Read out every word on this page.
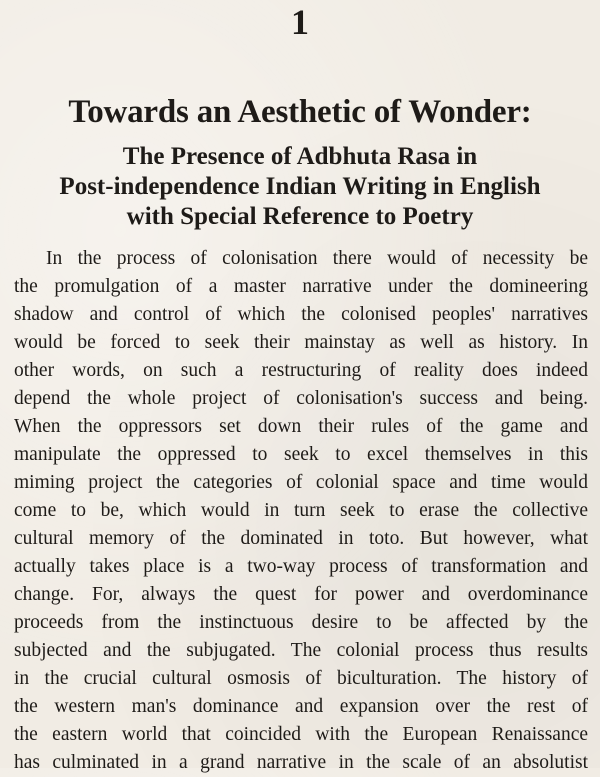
1
Towards an Aesthetic of Wonder:
The Presence of Adbhuta Rasa in
Post-independence Indian Writing in English
with Special Reference to Poetry
In the process of colonisation there would of necessity be
the promulgation of a master narrative under the domineering
shadow and control of which the colonised peoples' narratives
would be forced to seek their mainstay as well as history. In
other words, on such a restructuring of reality does indeed
depend the whole project of colonisation's success and being.
When the oppressors set down their rules of the game and
manipulate the oppressed to seek to excel themselves in this
miming project the categories of colonial space and time would
come to be, which would in turn seek to erase the collective
cultural memory of the dominated in toto. But however, what
actually takes place is a two-way process of transformation and
change. For, always the quest for power and overdominance
proceeds from the instinctuous desire to be affected by the
subjected and the subjugated. The colonial process thus results
in the crucial cultural osmosis of biculturation. The history of
the western man's dominance and expansion over the rest of
the eastern world that coincided with the European Renaissance
has culminated in a grand narrative in the scale of an absolutist
